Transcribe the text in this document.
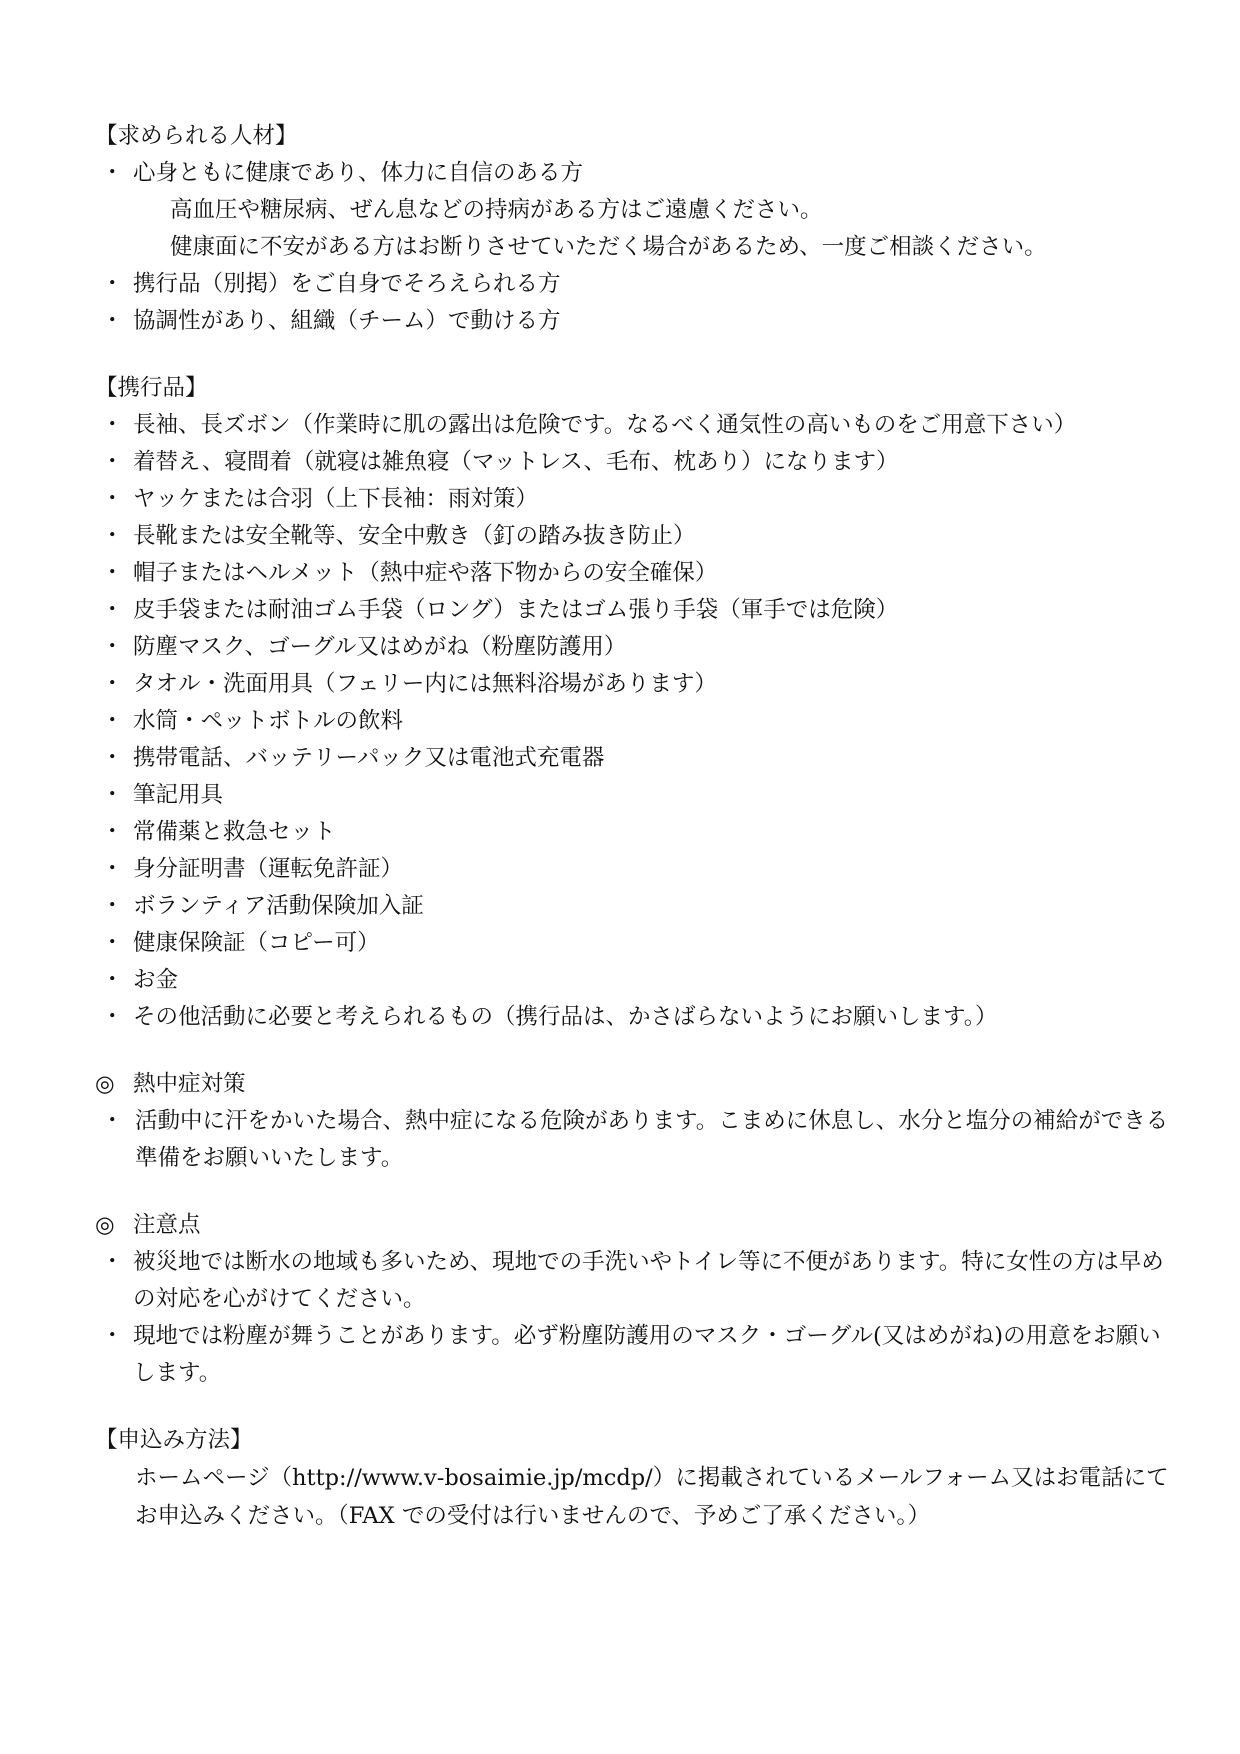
【求められる人材】
・ 心身ともに健康であり、体力に自信のある方
高血圧や糖尿病、ぜん息などの持病がある方はご遠慮ください。
健康面に不安がある方はお断りさせていただく場合があるため、一度ご相談ください。
・ 携行品（別掲）をご自身でそろえられる方
・ 協調性があり、組織（チーム）で動ける方
【携行品】
・ 長袖、長ズボン（作業時に肌の露出は危険です。なるべく通気性の高いものをご用意下さい）
・ 着替え、寝間着（就寝は雑魚寝（マットレス、毛布、枕あり）になります）
・ ヤッケまたは合羽（上下長袖：雨対策）
・ 長靴または安全靴等、安全中敷き（釘の踏み抜き防止）
・ 帽子またはヘルメット（熱中症や落下物からの安全確保）
・ 皮手袋または耐油ゴム手袋（ロング）またはゴム張り手袋（軍手では危険）
・ 防塵マスク、ゴーグル又はめがね（粉塵防護用）
・ タオル・洗面用具（フェリー内には無料浴場があります）
・ 水筒・ペットボトルの飲料
・ 携帯電話、バッテリーパック又は電池式充電器
・ 筆記用具
・ 常備薬と救急セット
・ 身分証明書（運転免許証）
・ ボランティア活動保険加入証
・ 健康保険証（コピー可）
・ お金
・ その他活動に必要と考えられるもの（携行品は、かさばらないようにお願いします。）
◎ 熱中症対策
・ 活動中に汗をかいた場合、熱中症になる危険があります。こまめに休息し、水分と塩分の補給ができる準備をお願いいたします。
◎ 注意点
・ 被災地では断水の地域も多いため、現地での手洗いやトイレ等に不便があります。特に女性の方は早めの対応を心がけてください。
・ 現地では粉塵が舞うことがあります。必ず粉塵防護用のマスク・ゴーグル(又はめがね)の用意をお願いします。
【申込み方法】
ホームページ（http://www.v-bosaimie.jp/mcdp/）に掲載されているメールフォーム又はお電話にてお申込みください。（FAX での受付は行いませんので、予めご了承ください。）
